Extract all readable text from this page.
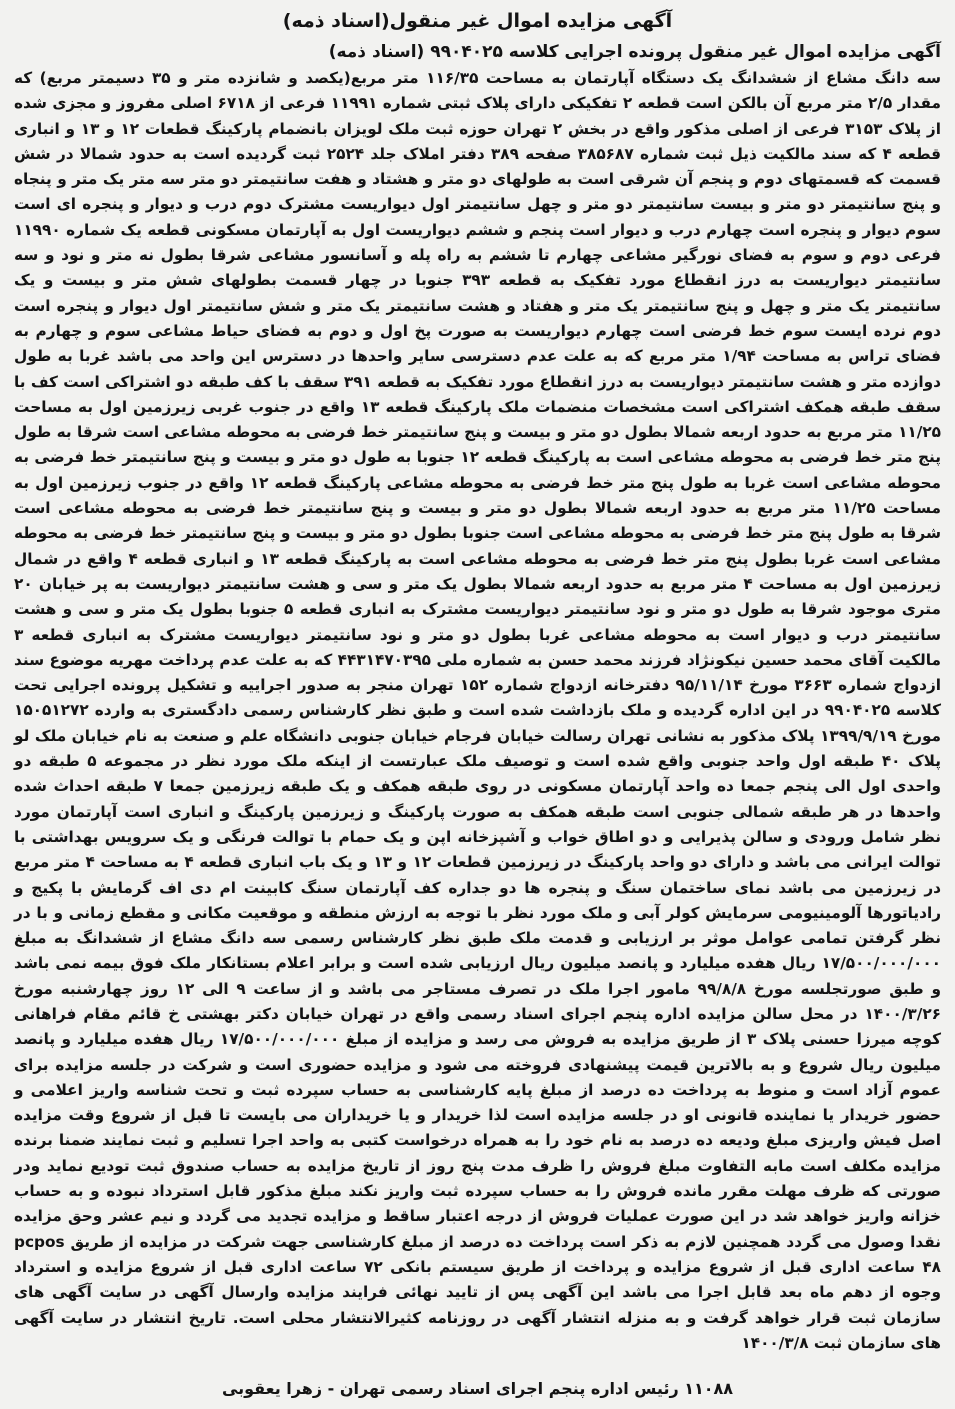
آگهی مزایده اموال غیر منقول(اسناد ذمه)
آگهی مزایده اموال غیر منقول پرونده اجرایی کلاسه ۹۹۰۴۰۲۵ (اسناد ذمه)

سه دانگ مشاع از ششدانگ یک دستگاه آپارتمان به مساحت ۱۱۶/۳۵ متر مربع(یکصد و شانزده متر و ۳۵ دسیمتر مربع) که مقدار ۲/۵ متر مربع آن بالکن است قطعه ۲ تفکیکی دارای پلاک ثبتی شماره ۱۱۹۹۱ فرعی از ۶۷۱۸ اصلی مفروز و مجزی شده از پلاک ۳۱۵۳ فرعی از اصلی مذکور واقع در بخش ۲ تهران حوزه ثبت ملک لویزان بانضمام پارکینگ قطعات ۱۲ و ۱۳ و انباری قطعه ۴ که سند مالکیت ذیل ثبت شماره ۳۸۵۶۸۷ صفحه ۳۸۹ دفتر املاک جلد ۲۵۲۴ ثبت گردیده است به حدود شمالا در شش قسمت که قسمتهای دوم و پنجم آن شرقی است به طولهای دو متر و هشتاد و هفت سانتیمتر دو متر سه متر یک متر و پنجاه و پنج سانتیمتر دو متر و بیست سانتیمتر دو متر و چهل سانتیمتر اول دیواریست مشترک دوم درب و دیوار و پنجره ای است سوم دیوار و پنجره است چهارم درب و دیوار است پنجم و ششم دیواریست اول به آپارتمان مسکونی قطعه یک شماره ۱۱۹۹۰ فرعی دوم و سوم به فضای نورگیر مشاعی چهارم تا ششم به راه پله و آسانسور مشاعی شرقا بطول نه متر و نود و سه سانتیمتر دیواریست به درز انقطاع مورد تفکیک به قطعه ۳۹۳ جنوبا در چهار قسمت بطولهای شش متر و بیست و یک سانتیمتر یک متر و چهل و پنج سانتیمتر یک متر و هفتاد و هشت سانتیمتر یک متر و شش سانتیمتر اول دیوار و پنجره است دوم نرده ایست سوم خط فرضی است چهارم دیواریست به صورت پخ اول و دوم به فضای حیاط مشاعی سوم و چهارم به فضای تراس به مساحت ۱/۹۴ متر مربع که به علت عدم دسترسی سایر واحدها در دسترس این واحد می باشد غربا به طول دوازده متر و هشت سانتیمتر دیواریست به درز انقطاع مورد تفکیک به قطعه ۳۹۱ سقف با کف طبقه دو اشتراکی است کف با سقف طبقه همکف اشتراکی است مشخصات منضمات ملک پارکینگ قطعه ۱۳ واقع در جنوب غربی زیرزمین اول به مساحت ۱۱/۲۵ متر مربع به حدود اربعه شمالا بطول دو متر و بیست و پنج سانتیمتر خط فرضی به محوطه مشاعی است شرقا به طول پنج متر خط فرضی به محوطه مشاعی است به پارکینگ قطعه ۱۲ جنوبا به طول دو متر و بیست و پنج سانتیمتر خط فرضی به محوطه مشاعی است غربا به طول پنج متر خط فرضی به محوطه مشاعی پارکینگ قطعه ۱۲ واقع در جنوب زیرزمین اول به مساحت ۱۱/۲۵ متر مربع به حدود اربعه شمالا بطول دو متر و بیست و پنج سانتیمتر خط فرضی به محوطه مشاعی است شرقا به طول پنج متر خط فرضی به محوطه مشاعی است جنوبا بطول دو متر و بیست و پنج سانتیمتر خط فرضی به محوطه مشاعی است غربا بطول پنج متر خط فرضی به محوطه مشاعی است به پارکینگ قطعه ۱۳ و انباری قطعه ۴ واقع در شمال زیرزمین اول به مساحت ۴ متر مربع به حدود اربعه شمالا بطول یک متر و سی و هشت سانتیمتر دیواریست به پر خیابان ۲۰ متری موجود شرقا به طول دو متر و نود سانتیمتر دیواریست مشترک به انباری قطعه ۵ جنوبا بطول یک متر و سی و هشت سانتیمتر درب و دیوار است به محوطه مشاعی غربا بطول دو متر و نود سانتیمتر دیواریست مشترک به انباری قطعه ۳ مالکیت آقای محمد حسین نیکونژاد فرزند محمد حسن به شماره ملی ۴۴۳۱۴۷۰۳۹۵ که به علت عدم پرداخت مهریه موضوع سند ازدواج شماره ۳۶۶۳ مورخ ۹۵/۱۱/۱۴ دفترخانه ازدواج شماره ۱۵۲ تهران منجر به صدور اجراییه و تشکیل پرونده اجرایی تحت کلاسه ۹۹۰۴۰۲۵ در این اداره گردیده و ملک بازداشت شده است و طبق نظر کارشناس رسمی دادگستری به وارده ۱۵۰۵۱۲۷۲ مورخ ۱۳۹۹/۹/۱۹ پلاک مذکور به نشانی تهران رسالت خیابان فرجام خیابان جنوبی دانشگاه علم و صنعت به نام خیابان ملک لو پلاک ۴۰ طبقه اول واحد جنوبی واقع شده است و توصیف ملک عبارتست از اینکه ملک مورد نظر در مجموعه ۵ طبقه دو واحدی اول الی پنجم جمعا ده واحد آپارتمان مسکونی در روی طبقه همکف و یک طبقه زیرزمین جمعا ۷ طبقه احداث شده واحدها در هر طبقه شمالی جنوبی است طبقه همکف به صورت پارکینگ و زیرزمین پارکینگ و انباری است آپارتمان مورد نظر شامل ورودی و سالن پذیرایی و دو اطاق خواب و آشپزخانه اپن و یک حمام با توالت فرنگی و یک سرویس بهداشتی با توالت ایرانی می باشد و دارای دو واحد پارکینگ در زیرزمین قطعات ۱۲ و ۱۳ و یک باب انباری قطعه ۴ به مساحت ۴ متر مربع در زیرزمین می باشد نمای ساختمان سنگ و پنجره ها دو جداره کف آپارتمان سنگ کابینت ام دی اف گرمایش با پکیج و رادیاتورها آلومینیومی سرمایش کولر آبی و ملک مورد نظر با توجه به ارزش منطقه و موقعیت مکانی و مقطع زمانی و با در نظر گرفتن تمامی عوامل موثر بر ارزیابی و قدمت ملک طبق نظر کارشناس رسمی سه دانگ مشاع از ششدانگ به مبلغ ۱۷/۵۰۰/۰۰۰/۰۰۰ ریال هفده میلیارد و پانصد میلیون ریال ارزیابی شده است و برابر اعلام بستانکار ملک فوق بیمه نمی باشد و طبق صورتجلسه مورخ ۹۹/۸/۸ مامور اجرا ملک در تصرف مستاجر می باشد و از ساعت ۹ الی ۱۲ روز چهارشنبه مورخ ۱۴۰۰/۳/۲۶ در محل سالن مزایده اداره پنجم اجرای اسناد رسمی واقع در تهران خیابان دکتر بهشتی خ قائم مقام فراهانی کوچه میرزا حسنی پلاک ۳ از طریق مزایده به فروش می رسد و مزایده از مبلغ ۱۷/۵۰۰/۰۰۰/۰۰۰ ریال هفده میلیارد و پانصد میلیون ریال شروع و به بالاترین قیمت پیشنهادی فروخته می شود و مزایده حضوری است و شرکت در جلسه مزایده برای عموم آزاد است و منوط به پرداخت ده درصد از مبلغ پایه کارشناسی به حساب سپرده ثبت و تحت شناسه واریز اعلامی و حضور خریدار یا نماینده قانونی او در جلسه مزایده است لذا خریدار و یا خریداران می بایست تا قبل از شروع وقت مزایده اصل فیش واریزی مبلغ ودیعه ده درصد به نام خود را به همراه درخواست کتبی به واحد اجرا تسلیم و ثبت نمایند ضمنا برنده مزایده مکلف است مابه التفاوت مبلغ فروش را ظرف مدت پنج روز از تاریخ مزایده به حساب صندوق ثبت تودیع نماید ودر صورتی که ظرف مهلت مقرر مانده فروش را به حساب سپرده ثبت واریز نکند مبلغ مذکور قابل استرداد نبوده و به حساب خزانه واریز خواهد شد در این صورت عملیات فروش از درجه اعتبار ساقط و مزایده تجدید می گردد و نیم عشر وحق مزایده نقدا وصول می گردد همچنین لازم به ذکر است پرداخت ده درصد از مبلغ کارشناسی جهت شرکت در مزایده از طریق pcpos ۴۸ ساعت اداری قبل از شروع مزایده و پرداخت از طریق سیستم بانکی ۷۲ ساعت اداری قبل از شروع مزایده و استرداد وجوه از دهم ماه بعد قابل اجرا می باشد این آگهی پس از تایید نهائی فرایند مزایده وارسال آگهی در سایت آگهی های سازمان ثبت قرار خواهد گرفت و به منزله انتشار آگهی در روزنامه کثیرالانتشار محلی است. تاریخ انتشار در سایت آگهی های سازمان ثبت ۱۴۰۰/۳/۸

۱۱۰۸۸ رئیس اداره پنجم اجرای اسناد رسمی تهران - زهرا یعقوبی
